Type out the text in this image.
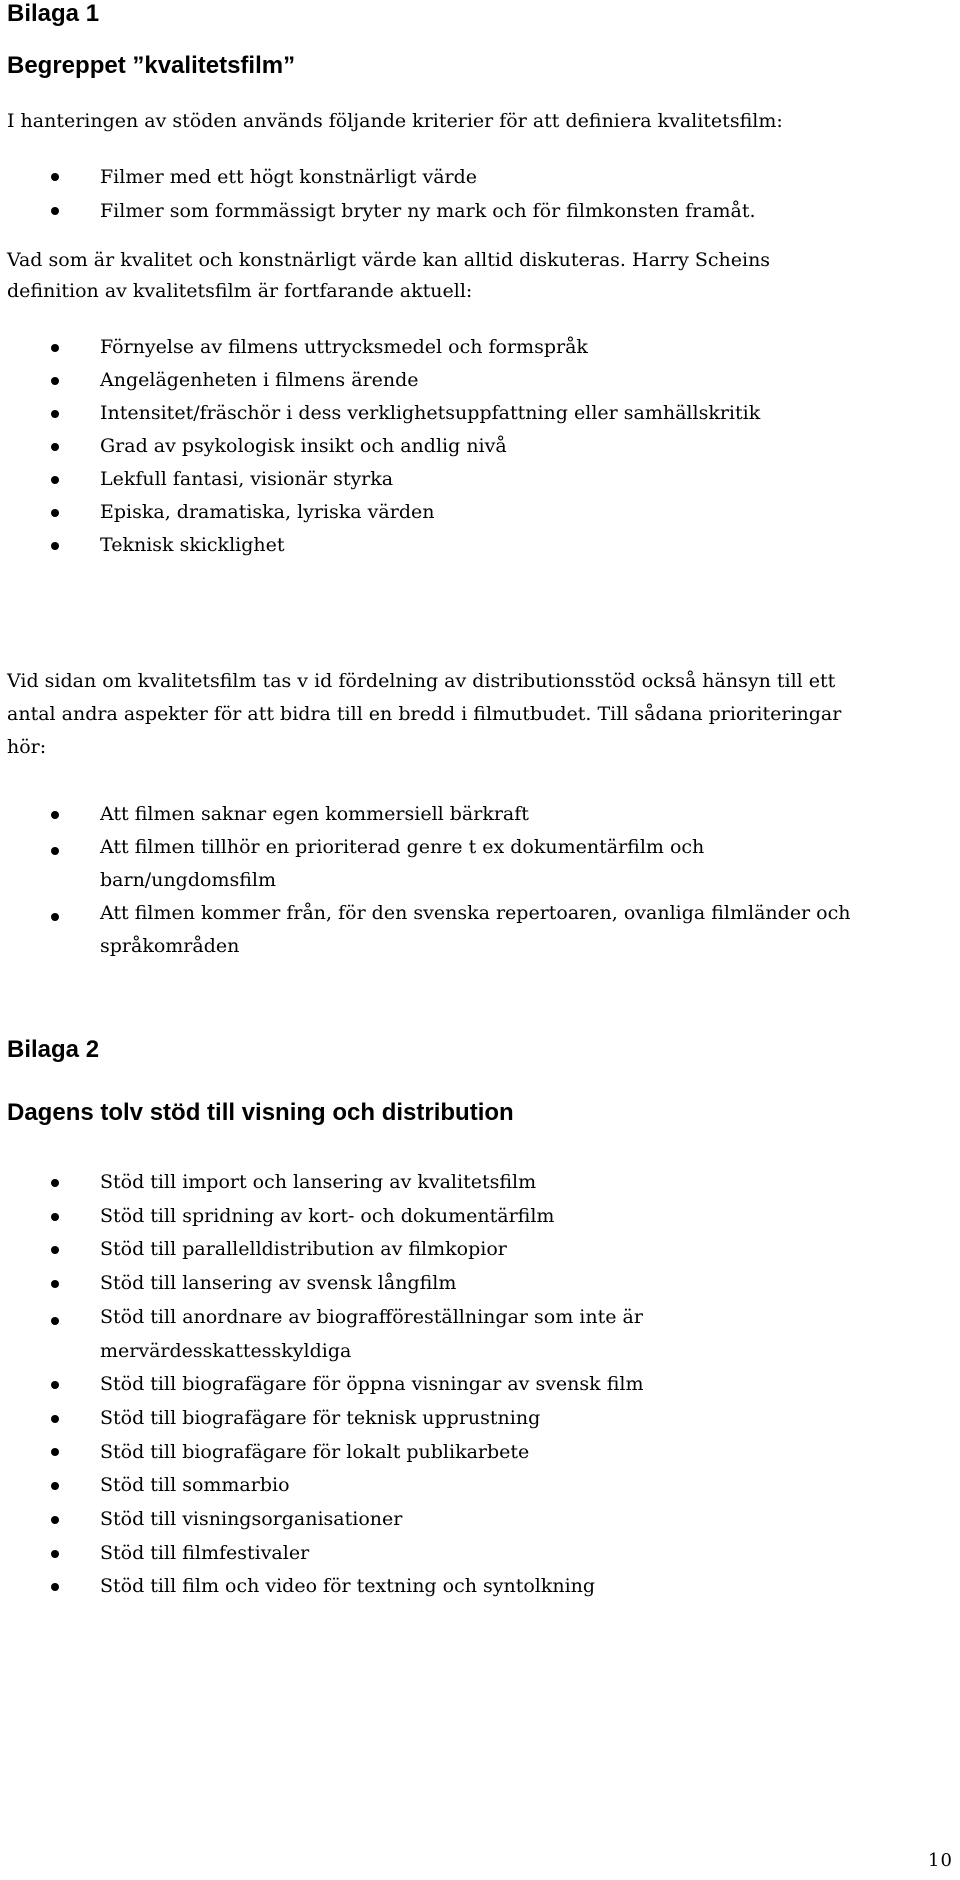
Bilaga 1
Begreppet ”kvalitetsfilm”
I hanteringen av stöden används följande kriterier för att definiera kvalitetsfilm:
Filmer med ett högt konstnärligt värde
Filmer som formmässigt bryter ny mark och för filmkonsten framåt.
Vad som är kvalitet och konstnärligt värde kan alltid diskuteras. Harry Scheins
definition av kvalitetsfilm är fortfarande aktuell:
Förnyelse av filmens uttrycksmedel och formspråk
Angelägenheten i filmens ärende
Intensitet/fräschör i dess verklighetsuppfattning eller samhällskritik
Grad av psykologisk insikt och andlig nivå
Lekfull fantasi, visionär styrka
Episka, dramatiska, lyriska värden
Teknisk skicklighet
Vid sidan om kvalitetsfilm tas v id fördelning av distributionsstöd också hänsyn till ett
antal andra aspekter för att bidra till en bredd i filmutbudet. Till sådana prioriteringar
hör:
Att filmen saknar egen kommersiell bärkraft
Att filmen tillhör en prioriterad genre t ex dokumentärfilm och
barn/ungdomsfilm
Att filmen kommer från, för den svenska repertoaren, ovanliga filmländer och
språkområden
Bilaga 2
Dagens tolv stöd till visning och distribution
Stöd till import och lansering av kvalitetsfilm
Stöd till spridning av kort- och dokumentärfilm
Stöd till parallelldistribution av filmkopior
Stöd till lansering av svensk långfilm
Stöd till anordnare av biografföreställningar som inte är
mervärdesskattesskyldiga
Stöd till biografägare för öppna visningar av svensk film
Stöd till biografägare för teknisk upprustning
Stöd till biografägare för lokalt publikarbete
Stöd till sommarbio
Stöd till visningsorganisationer
Stöd till filmfestivaler
Stöd till film och video för textning och syntolkning
10
